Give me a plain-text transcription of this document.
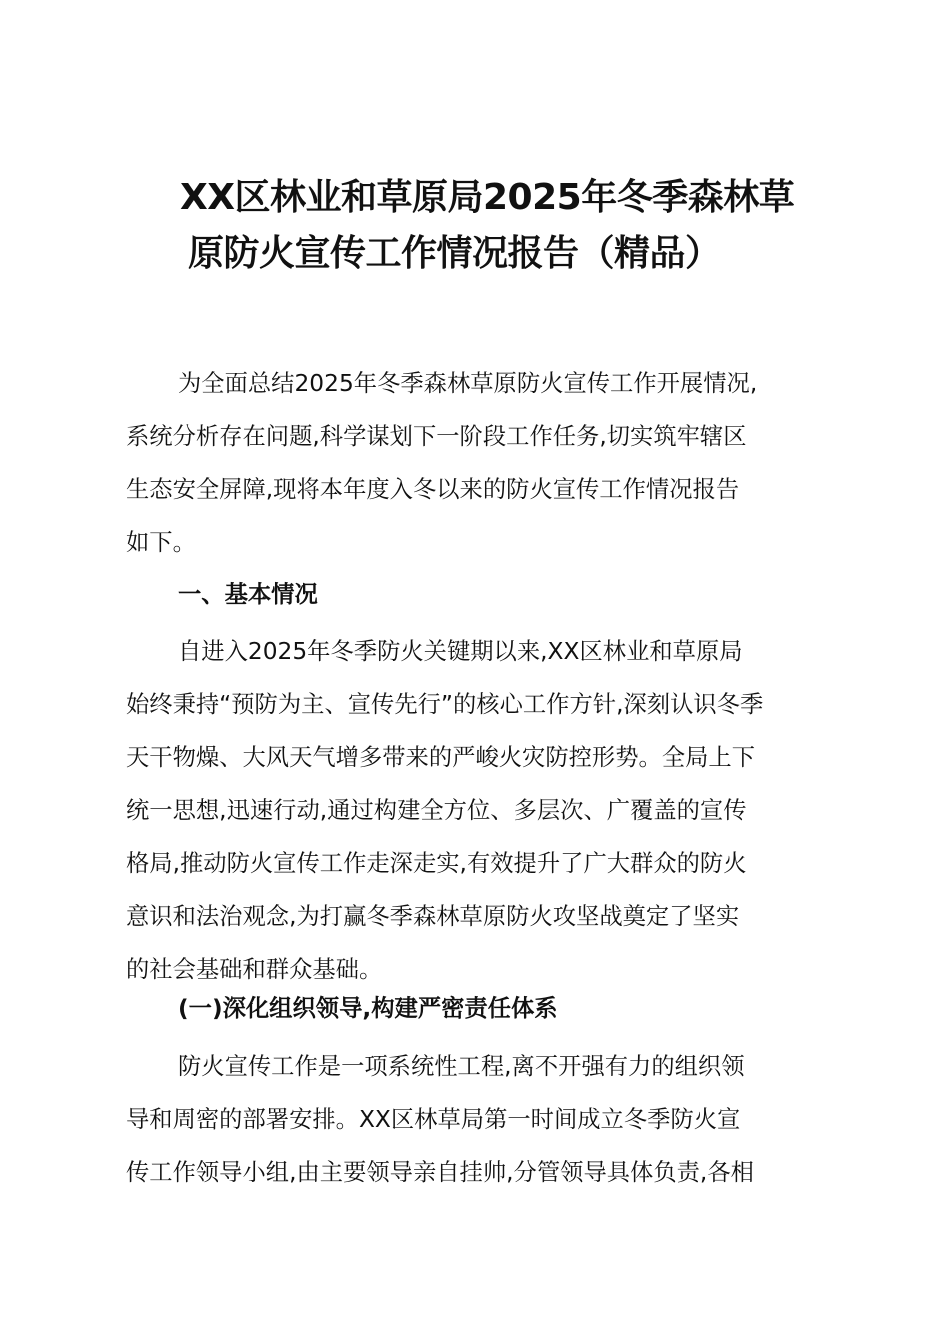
XX区林业和草原局2025年冬季森林草
原防火宣传工作情况报告（精品）
为全面总结2025年冬季森林草原防火宣传工作开展情况,
系统分析存在问题,科学谋划下一阶段工作任务,切实筑牢辖区
生态安全屏障,现将本年度入冬以来的防火宣传工作情况报告
如下。
一、基本情况
自进入2025年冬季防火关键期以来,XX区林业和草原局
始终秉持“预防为主、宣传先行”的核心工作方针,深刻认识冬季
天干物燥、大风天气增多带来的严峻火灾防控形势。全局上下
统一思想,迅速行动,通过构建全方位、多层次、广覆盖的宣传
格局,推动防火宣传工作走深走实,有效提升了广大群众的防火
意识和法治观念,为打赢冬季森林草原防火攻坚战奠定了坚实
的社会基础和群众基础。
(一)深化组织领导,构建严密责任体系
防火宣传工作是一项系统性工程,离不开强有力的组织领
导和周密的部署安排。XX区林草局第一时间成立冬季防火宣
传工作领导小组,由主要领导亲自挂帅,分管领导具体负责,各相
